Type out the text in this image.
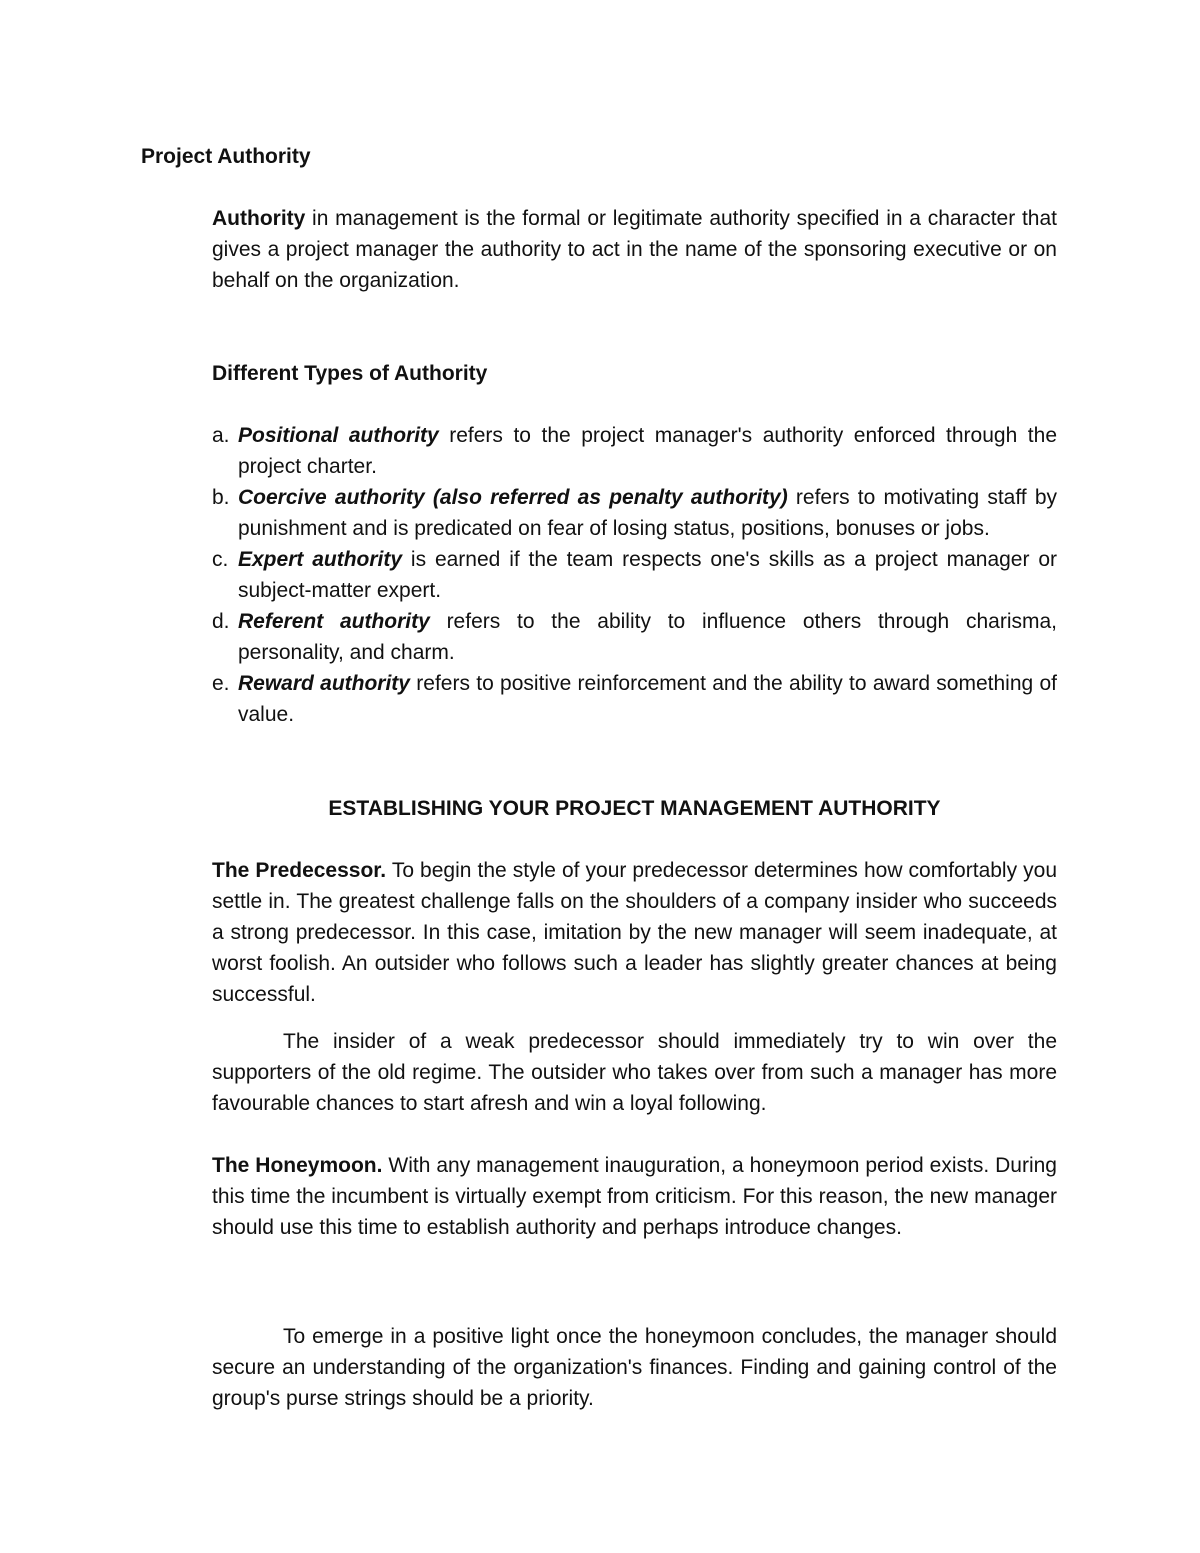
Project Authority

Authority in management is the formal or legitimate authority specified in a character that gives a project manager the authority to act in the name of the sponsoring executive or on behalf on the organization.

Different Types of Authority
a. Positional authority refers to the project manager's authority enforced through the project charter.
b. Coercive authority (also referred as penalty authority) refers to motivating staff by punishment and is predicated on fear of losing status, positions, bonuses or jobs.
c. Expert authority is earned if the team respects one's skills as a project manager or subject-matter expert.
d. Referent authority refers to the ability to influence others through charisma, personality, and charm.
e. Reward authority refers to positive reinforcement and the ability to award something of value.
ESTABLISHING YOUR PROJECT MANAGEMENT AUTHORITY

The Predecessor. To begin the style of your predecessor determines how comfortably you settle in. The greatest challenge falls on the shoulders of a company insider who succeeds a strong predecessor. In this case, imitation by the new manager will seem inadequate, at worst foolish. An outsider who follows such a leader has slightly greater chances at being successful.

The insider of a weak predecessor should immediately try to win over the supporters of the old regime. The outsider who takes over from such a manager has more favourable chances to start afresh and win a loyal following.

The Honeymoon. With any management inauguration, a honeymoon period exists. During this time the incumbent is virtually exempt from criticism. For this reason, the new manager should use this time to establish authority and perhaps introduce changes.

To emerge in a positive light once the honeymoon concludes, the manager should secure an understanding of the organization's finances. Finding and gaining control of the group's purse strings should be a priority.
